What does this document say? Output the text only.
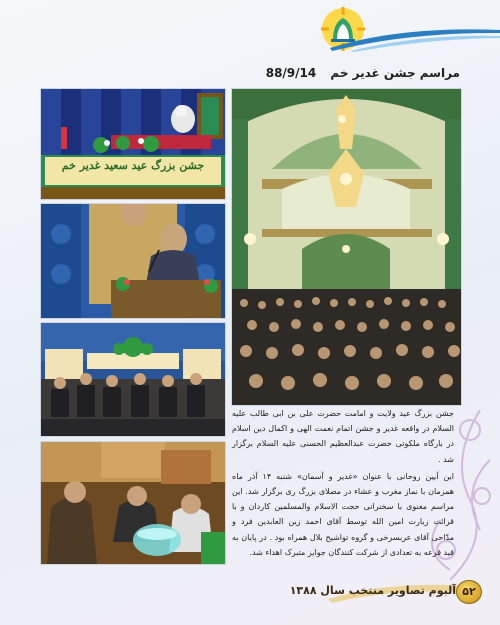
مراسم جشن غدیر خم 88/9/14
جشن بزرگ عید سعید غدیر خم

جشن بزرگ عید ولایت و امامت حضرت علی بن ابی طالب علیه السلام در واقعه غدیر و جشن اتمام نعمت الهی و اکمال دین اسلام در بارگاه ملکوتی حضرت عبدالعظیم الحسنی علیه السلام برگزار شد .

این آیین روحانی با عنوان «غدیر و آسمان» شنبه ۱۴ آذر ماه همزمان با نماز مغرب و عشاء در مصلای بزرگ ری برگزار شد. این مراسم معنوی با سخنرانی حجت الاسلام والمسلمین کاردان و با قرائت زیارت امین الله توسط آقای احمد زین العابدین فرد و مدّاحی آقای عربسرخی و گروه تواشیح بلال همراه بود . در پایان به قید قرعه به تعدادی از شرکت کنندگان جوایز متبرک اهداء شد.

آلبوم تصاویر منتخب سال ۱۳۸۸ ۵۲
